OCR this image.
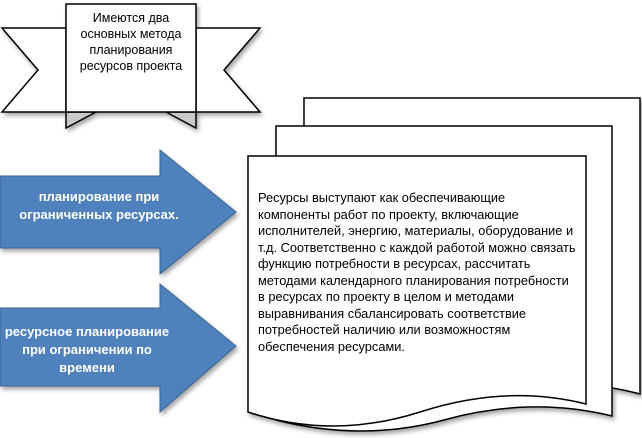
Имеются два основных метода планирования ресурсов проекта
планирование при ограниченных ресурсах.
ресурсное планирование при ограничении по времени
Ресурсы выступают как обеспечивающие компоненты работ по проекту, включающие исполнителей, энергию, материалы, оборудование и т.д. Соответственно с каждой работой можно связать функцию потребности в ресурсах, рассчитать методами календарного планирования потребности в ресурсах по проекту в целом и методами выравнивания сбалансировать соответствие потребностей наличию или возможностям обеспечения ресурсами.
